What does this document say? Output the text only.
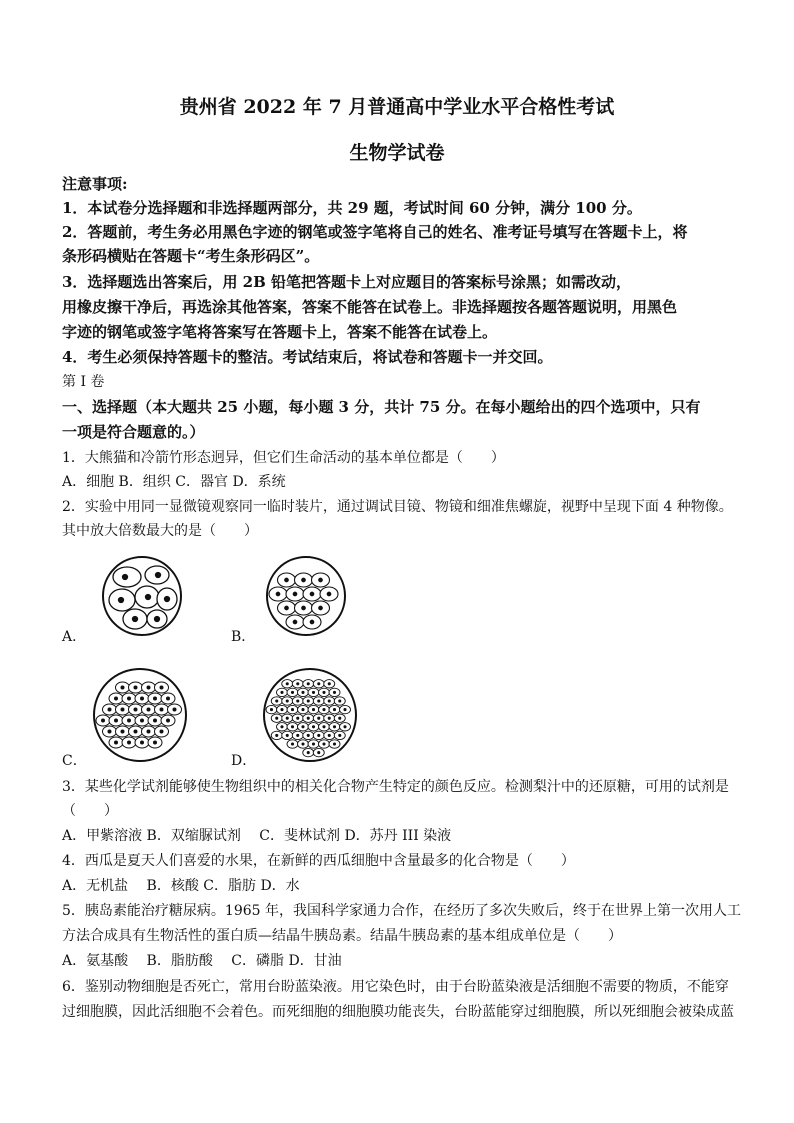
贵州省 2022 年 7 月普通高中学业水平合格性考试
生物学试卷
注意事项:
1．本试卷分选择题和非选择题两部分，共 29 题，考试时间 60 分钟，满分 100 分。
2．答题前，考生务必用黑色字迹的钢笔或签字笔将自己的姓名、准考证号填写在答题卡上，将
条形码横贴在答题卡“考生条形码区”。
3．选择题选出答案后，用 2B 铅笔把答题卡上对应题目的答案标号涂黑；如需改动，
用橡皮擦干净后，再选涂其他答案，答案不能答在试卷上。非选择题按各题答题说明，用黑色
字迹的钢笔或签字笔将答案写在答题卡上，答案不能答在试卷上。
4．考生必须保持答题卡的整洁。考试结束后，将试卷和答题卡一并交回。
第 I 卷
一、选择题（本大题共 25 小题，每小题 3 分，共计 75 分。在每小题给出的四个选项中，只有
一项是符合题意的。）
1．大熊猫和冷箭竹形态迥异，但它们生命活动的基本单位都是（　　）
A．细胞 B．组织 C．器官 D．系统
2．实验中用同一显微镜观察同一临时装片，通过调试目镜、物镜和细准焦螺旋，视野中呈现下面 4 种物像。
其中放大倍数最大的是（　　）
A．	B．
C．	D．
3．某些化学试剂能够使生物组织中的相关化合物产生特定的颜色反应。检测梨汁中的还原糖，可用的试剂是
（　　）
A．甲紫溶液 B．双缩脲试剂　 C．斐林试剂 D．苏丹 III 染液
4．西瓜是夏天人们喜爱的水果，在新鲜的西瓜细胞中含量最多的化合物是（　　）
A．无机盐　 B．核酸 C．脂肪 D．水
5．胰岛素能治疗糖尿病。1965 年，我国科学家通力合作，在经历了多次失败后，终于在世界上第一次用人工
方法合成具有生物活性的蛋白质—结晶牛胰岛素。结晶牛胰岛素的基本组成单位是（　　）
A．氨基酸　 B．脂肪酸　 C．磷脂 D．甘油
6．鉴别动物细胞是否死亡，常用台盼蓝染液。用它染色时，由于台盼蓝染液是活细胞不需要的物质，不能穿
过细胞膜，因此活细胞不会着色。而死细胞的细胞膜功能丧失，台盼蓝能穿过细胞膜，所以死细胞会被染成蓝
